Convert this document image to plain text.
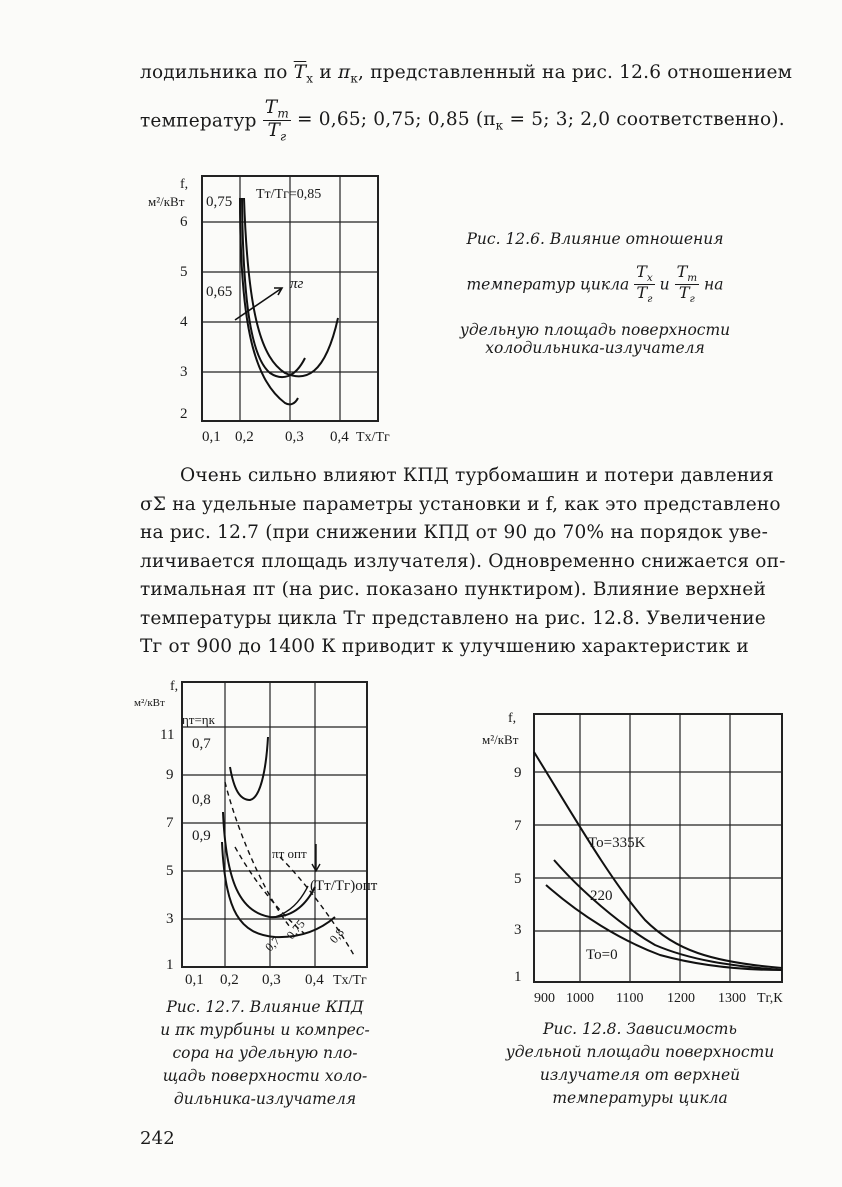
лодильника по $\overline{T}_х$ и $\pi_к$, представленный на рис. 12.6 отношением
температур $\frac{T_т}{T_г} = 0,65$; 0,75; 0,85 ($\pi_к = 5$; 3; 2,0 соответственно).
f,
м²/кВт
2
3
4
5
6
0,1 0,2 0,3 0,4 Tх/Tг
0,75 Tт/Tг=0,85
0,65	πг
Рис. 12.6. Влияние отношения
температур цикла $\frac{T_х}{T_г}$ и $\frac{T_т}{T_г}$ на
удельную площадь поверхности
холодильника-излучателя
Очень сильно влияют КПД турбомашин и потери давления
σΣ на удельные параметры установки и f, как это представлено
на рис. 12.7 (при снижении КПД от 90 до 70% на порядок уве-
личивается площадь излучателя). Одновременно снижается оп-
тимальная πт (на рис. показано пунктиром). Влияние верхней
температуры цикла Tг представлено на рис. 12.8. Увеличение
Tг от 900 до 1400 К приводит к улучшению характеристик и
f,
м²/кВт
1
3
5
7
9
11
0,1 0,2 0,3 0,4 Tх/Tг
ηт=ηк
0,7
0,8
0,9
πт опт
(Tт/Tг)опт
0,75
0,7	0,8
Рис. 12.7. Влияние КПД
и πк турбины и компрес-
сора на удельную пло-
щадь поверхности холо-
дильника-излучателя
f,
м²/кВт
1
3
5
7
9
900 1000 1100 1200 1300 Tг,К
To=335K
220
To=0
Рис. 12.8. Зависимость
удельной площади поверхности
излучателя от верхней
температуры цикла
242
